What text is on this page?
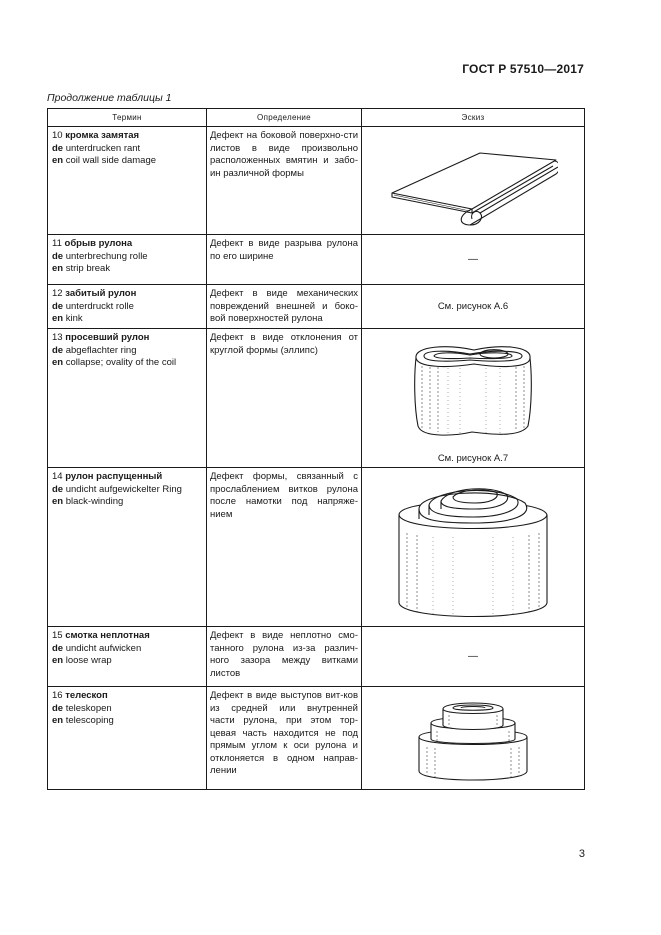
ГОСТ Р 57510—2017
Продолжение таблицы 1
Термин	Определение	Эскиз

10 кромка замятая
de unterdrucken rant
en coil wall side damage	Дефект на боковой поверхно-сти листов в виде произвольно расположенных вмятин и забо-ин различной формы	

11 обрыв рулона
de unterbrechung rolle
en strip break	Дефект в виде разрыва рулона по его ширине	—

12 забитый рулон
de unterdruckt rolle
en kink	Дефект в виде механических повреждений внешней и боко-вой поверхностей рулона	См. рисунок А.6

13 просевший рулон
de abgeflachter ring
en collapse; ovality of the coil	Дефект в виде отклонения от круглой формы (эллипс)	См. рисунок А.7

14 рулон распущенный
de undicht aufgewickelter Ring
en black-winding	Дефект формы, связанный с прослаблением витков рулона после намотки под напряже-нием	

15 смотка неплотная
de undicht aufwicken
en loose wrap	Дефект в виде неплотно смо-танного рулона из-за различ-ного зазора между витками листов	—

16 телескоп
de teleskopen
en telescoping	Дефект в виде выступов вит-ков из средней или внутренней части рулона, при этом тор-цевая часть находится не под прямым углом к оси рулона и отклоняется в одном направ-лении	
3
